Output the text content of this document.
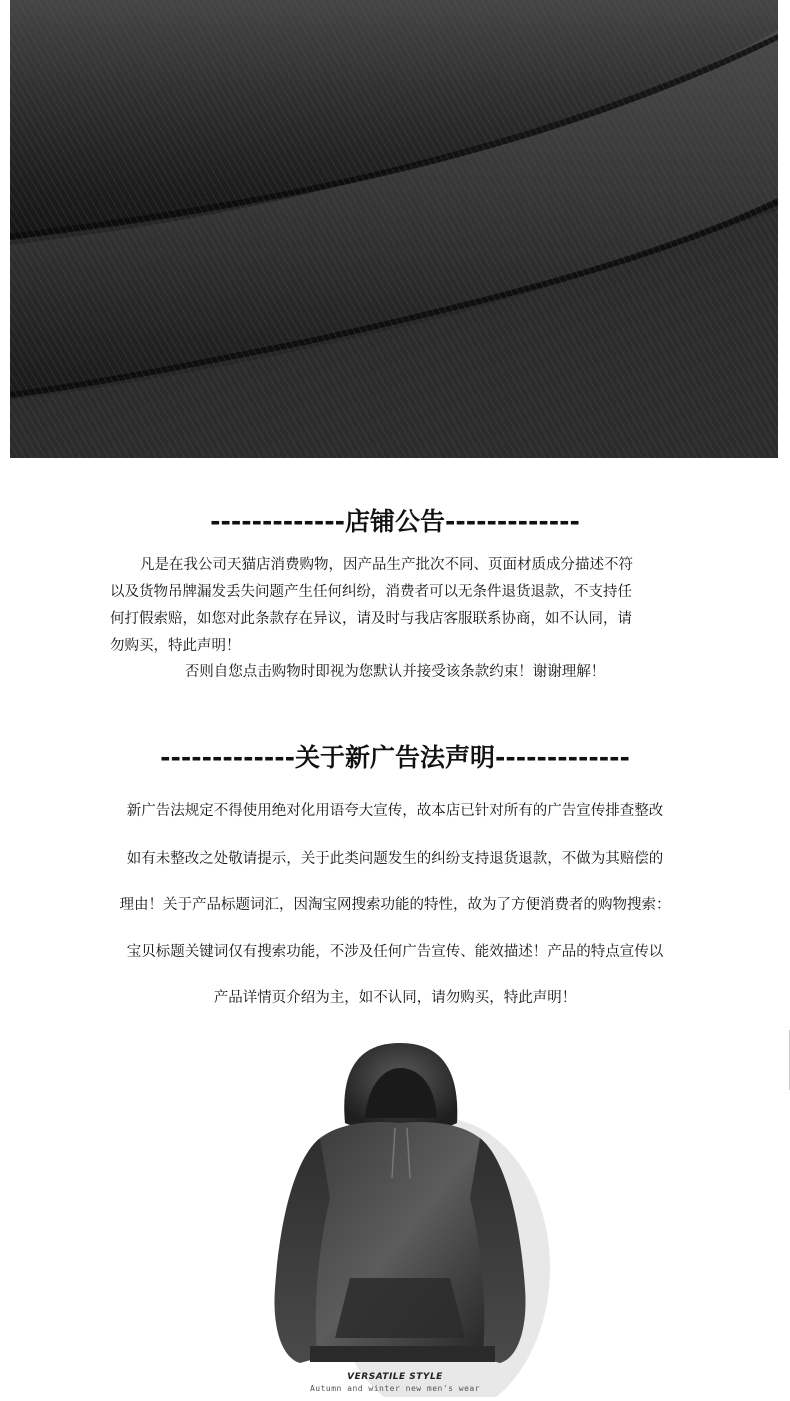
-------------店铺公告-------------

凡是在我公司天猫店消费购物，因产品生产批次不同、页面材质成分描述不符

以及货物吊牌漏发丢失问题产生任何纠纷，消费者可以无条件退货退款，不支持任

何打假索赔，如您对此条款存在异议，请及时与我店客服联系协商，如不认同，请

勿购买，特此声明！

否则自您点击购物时即视为您默认并接受该条款约束！谢谢理解！
-------------关于新广告法声明-------------
新广告法规定不得使用绝对化用语夸大宣传，故本店已针对所有的广告宣传排查整改
如有未整改之处敬请提示，关于此类问题发生的纠纷支持退货退款，不做为其赔偿的
理由！关于产品标题词汇，因淘宝网搜索功能的特性，故为了方便消费者的购物搜索：
宝贝标题关键词仅有搜索功能，不涉及任何广告宣传、能效描述！产品的特点宣传以
产品详情页介绍为主，如不认同，请勿购买，特此声明！
VERSATILE STYLE
Autumn and winter new men's wear
